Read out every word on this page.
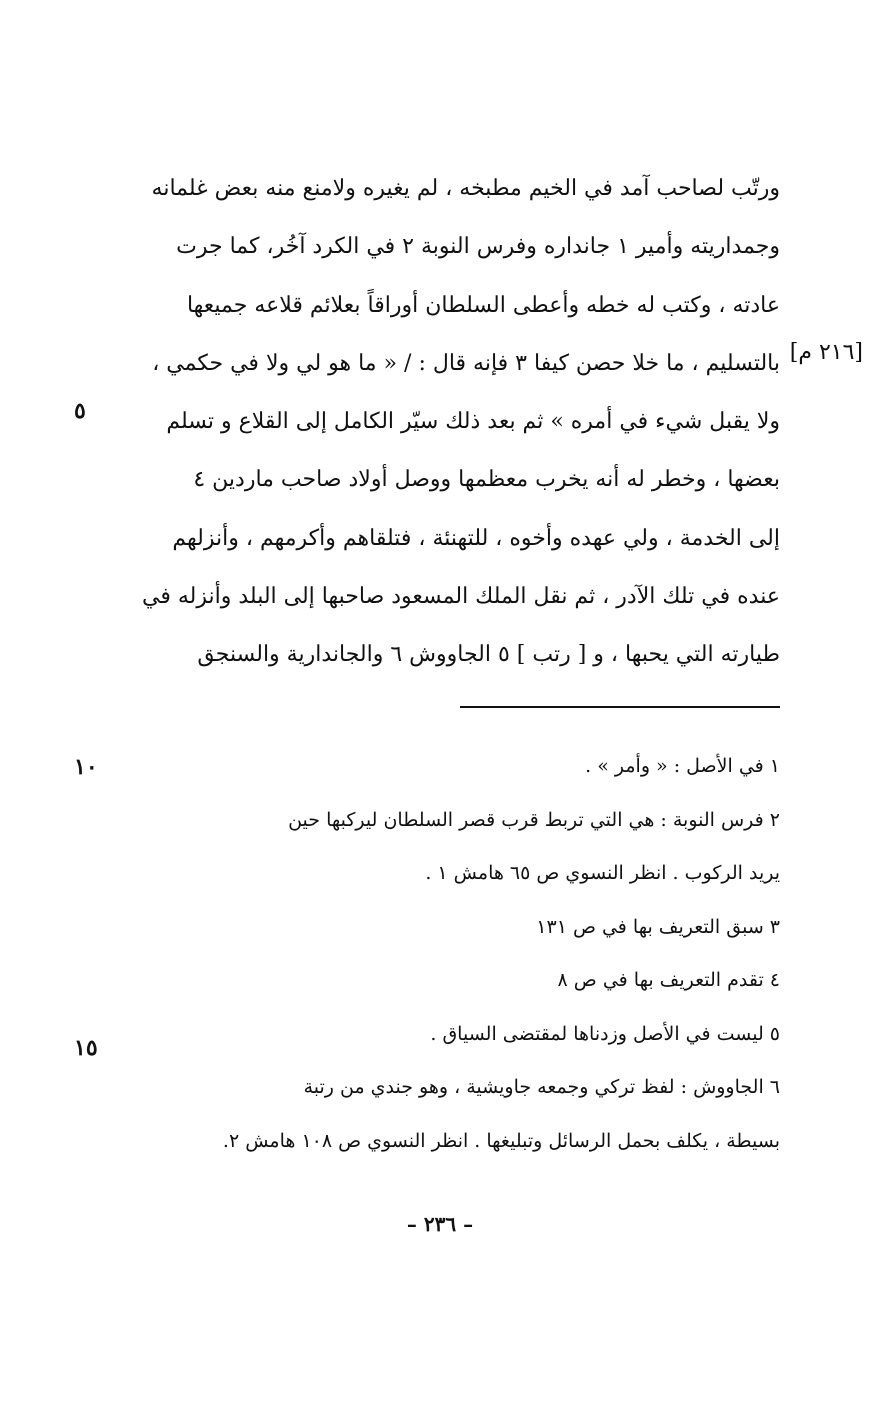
ورتّب لصاحب آمد في الخيم مطبخه ، لم يغيره ولامنع منه بعض غلمانه
وجمداريته وأمير ١ جانداره وفرس النوبة ٢ في الكرد آخُر، كما جرت
عادته ، وكتب له خطه وأعطى السلطان أوراقاً بعلائم قلاعه جميعها
بالتسليم ، ما خلا حصن كيفا ٣ فإنه قال : / « ما هو لي ولا في حكمي ،
ولا يقبل شيء في أمره » ثم بعد ذلك سيّر الكامل إلى القلاع و تسلم
بعضها ، وخطر له أنه يخرب معظمها ووصل أولاد صاحب ماردين ٤
إلى الخدمة ، ولي عهده وأخوه ، للتهنئة ، فتلقاهم وأكرمهم ، وأنزلهم
عنده في تلك الآدر ، ثم نقل الملك المسعود صاحبها إلى البلد وأنزله في
طيارته التي يحبها ، و [ رتب ] ٥ الجاووش ٦ والجاندارية والسنجق
[٢١٦ م]
٥
١٠
١٥
١ في الأصل : « وأمر » .
٢ فرس النوبة : هي التي تربط قرب قصر السلطان ليركبها حين
يريد الركوب . انظر النسوي ص ٦٥ هامش ١ .
٣ سبق التعريف بها في ص ١٣١
٤ تقدم التعريف بها في ص ٨
٥ ليست في الأصل وزدناها لمقتضى السياق .
٦ الجاووش : لفظ تركي وجمعه جاويشية ، وهو جندي من رتبة
بسيطة ، يكلف بحمل الرسائل وتبليغها . انظر النسوي ص ١٠٨ هامش ٢.
– ٢٣٦ –
